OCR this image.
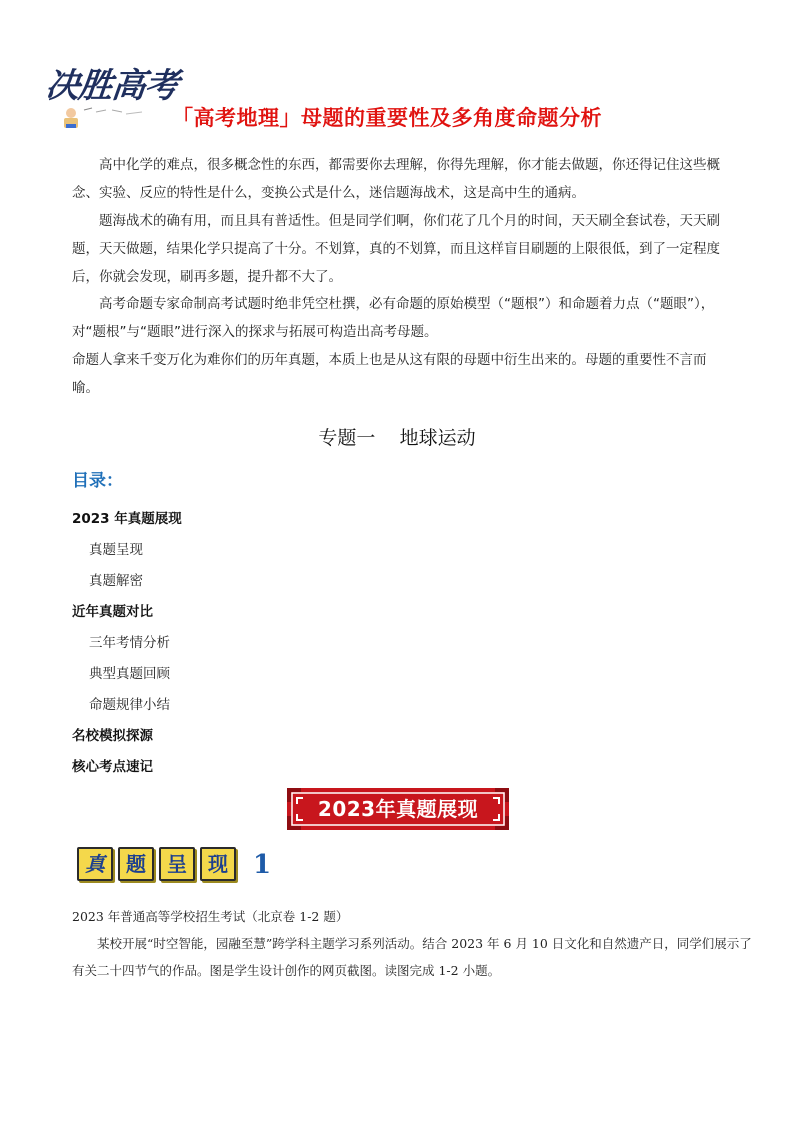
决胜高考
「高考地理」母题的重要性及多角度命题分析
高中化学的难点，很多概念性的东西，都需要你去理解，你得先理解，你才能去做题，你还得记住这些概念、实验、反应的特性是什么，变换公式是什么，迷信题海战术，这是高中生的通病。
题海战术的确有用，而且具有普适性。但是同学们啊，你们花了几个月的时间，天天刷全套试卷，天天刷题，天天做题，结果化学只提高了十分。不划算，真的不划算，而且这样盲目刷题的上限很低，到了一定程度后，你就会发现，刷再多题，提升都不大了。
高考命题专家命制高考试题时绝非凭空杜撰，必有命题的原始模型（“题根”）和命题着力点（“题眼”），对“题根”与“题眼”进行深入的探求与拓展可构造出高考母题。
命题人拿来千变万化为难你们的历年真题，本质上也是从这有限的母题中衍生出来的。母题的重要性不言而喻。
专题一    地球运动
目录：
2023 年真题展现
真题呈现
真题解密
近年真题对比
三年考情分析
典型真题回顾
命题规律小结
名校模拟探源
核心考点速记
2023年真题展现
真	题	呈	现 1
2023 年普通高等学校招生考试（北京卷 1-2 题）
某校开展“时空智能，园融至慧”跨学科主题学习系列活动。结合 2023 年 6 月 10 日文化和自然遗产日，同学们展示了有关二十四节气的作品。图是学生设计创作的网页截图。读图完成 1-2 小题。
